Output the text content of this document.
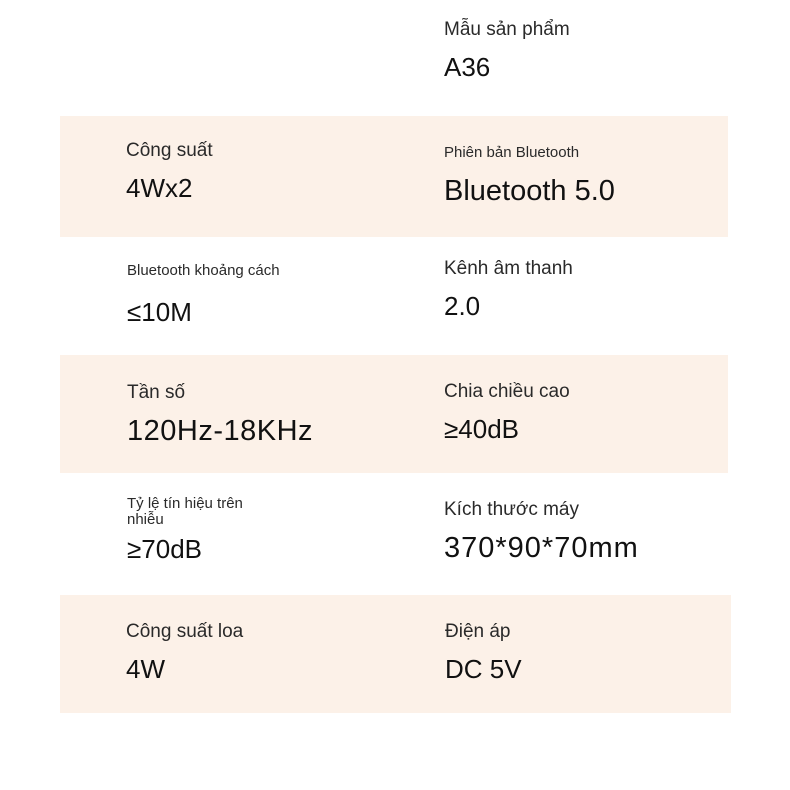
Mẫu sản phẩm
A36
Công suất
4Wx2
Phiên bản Bluetooth
Bluetooth 5.0
Bluetooth khoảng cách
≤10M
Kênh âm thanh
2.0
Tần số
120Hz-18KHz
Chia chiều cao
≥40dB
Tỷ lệ tín hiệu trên nhiễu
≥70dB
Kích thước máy
370*90*70mm
Công suất loa
4W
Điện áp
DC 5V
